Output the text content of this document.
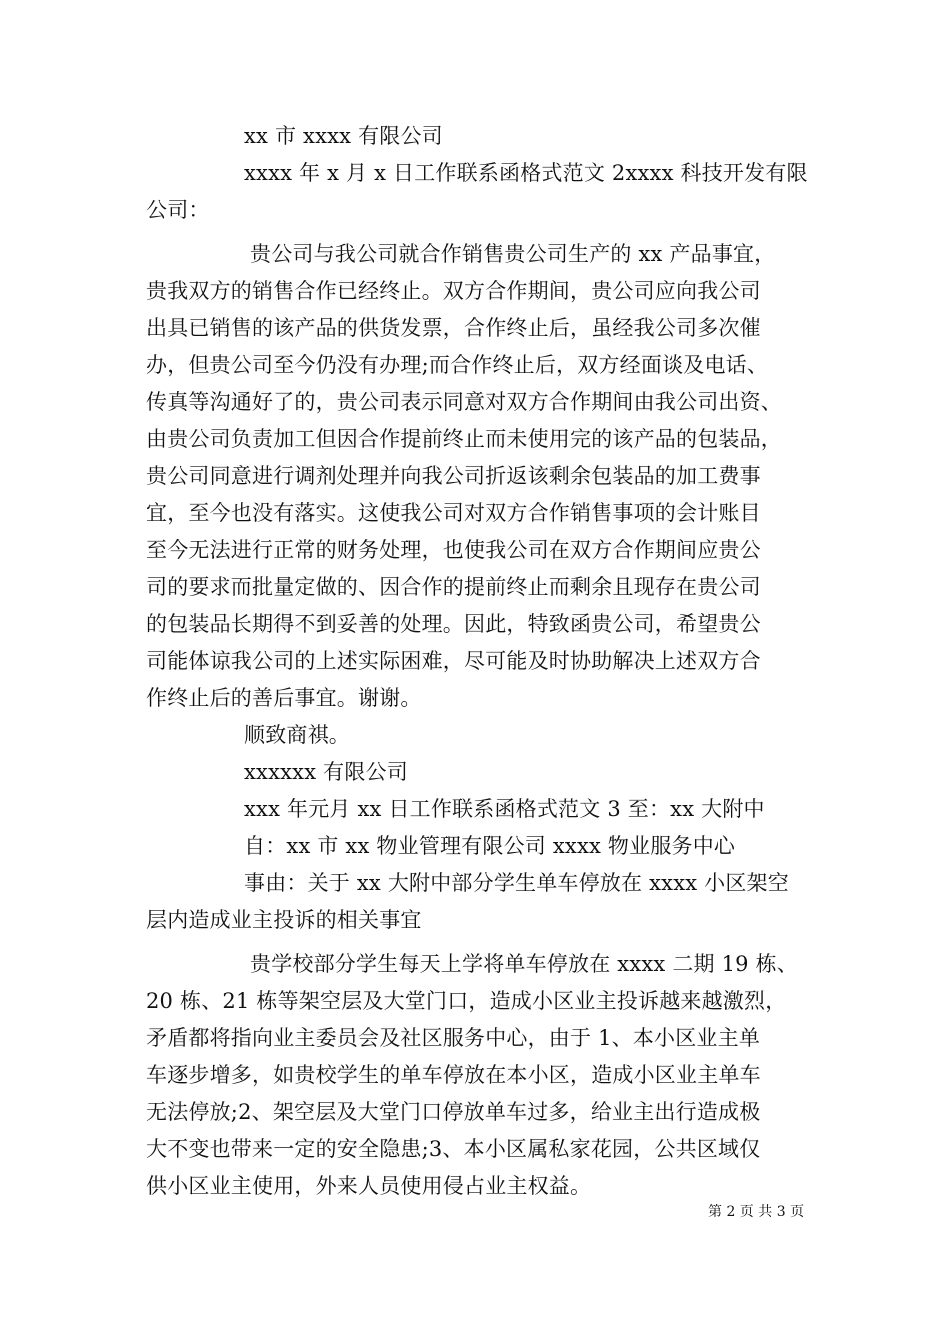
xx 市 xxxx 有限公司
xxxx 年 x 月 x 日工作联系函格式范文 2xxxx 科技开发有限
公司：
贵公司与我公司就合作销售贵公司生产的 xx 产品事宜，
贵我双方的销售合作已经终止。双方合作期间，贵公司应向我公司
出具已销售的该产品的供货发票，合作终止后，虽经我公司多次催
办，但贵公司至今仍没有办理;而合作终止后，双方经面谈及电话、
传真等沟通好了的，贵公司表示同意对双方合作期间由我公司出资、
由贵公司负责加工但因合作提前终止而未使用完的该产品的包装品，
贵公司同意进行调剂处理并向我公司折返该剩余包装品的加工费事
宜，至今也没有落实。这使我公司对双方合作销售事项的会计账目
至今无法进行正常的财务处理，也使我公司在双方合作期间应贵公
司的要求而批量定做的、因合作的提前终止而剩余且现存在贵公司
的包装品长期得不到妥善的处理。因此，特致函贵公司，希望贵公
司能体谅我公司的上述实际困难，尽可能及时协助解决上述双方合
作终止后的善后事宜。谢谢。
顺致商祺。
xxxxxx 有限公司
xxx 年元月 xx 日工作联系函格式范文 3 至：xx 大附中
自：xx 市 xx 物业管理有限公司 xxxx 物业服务中心
事由：关于 xx 大附中部分学生单车停放在 xxxx 小区架空
层内造成业主投诉的相关事宜
贵学校部分学生每天上学将单车停放在 xxxx 二期 19 栋、
20 栋、21 栋等架空层及大堂门口，造成小区业主投诉越来越激烈，
矛盾都将指向业主委员会及社区服务中心，由于 1、本小区业主单
车逐步增多，如贵校学生的单车停放在本小区，造成小区业主单车
无法停放;2、架空层及大堂门口停放单车过多，给业主出行造成极
大不变也带来一定的安全隐患;3、本小区属私家花园，公共区域仅
供小区业主使用，外来人员使用侵占业主权益。
第 2 页 共 3 页
